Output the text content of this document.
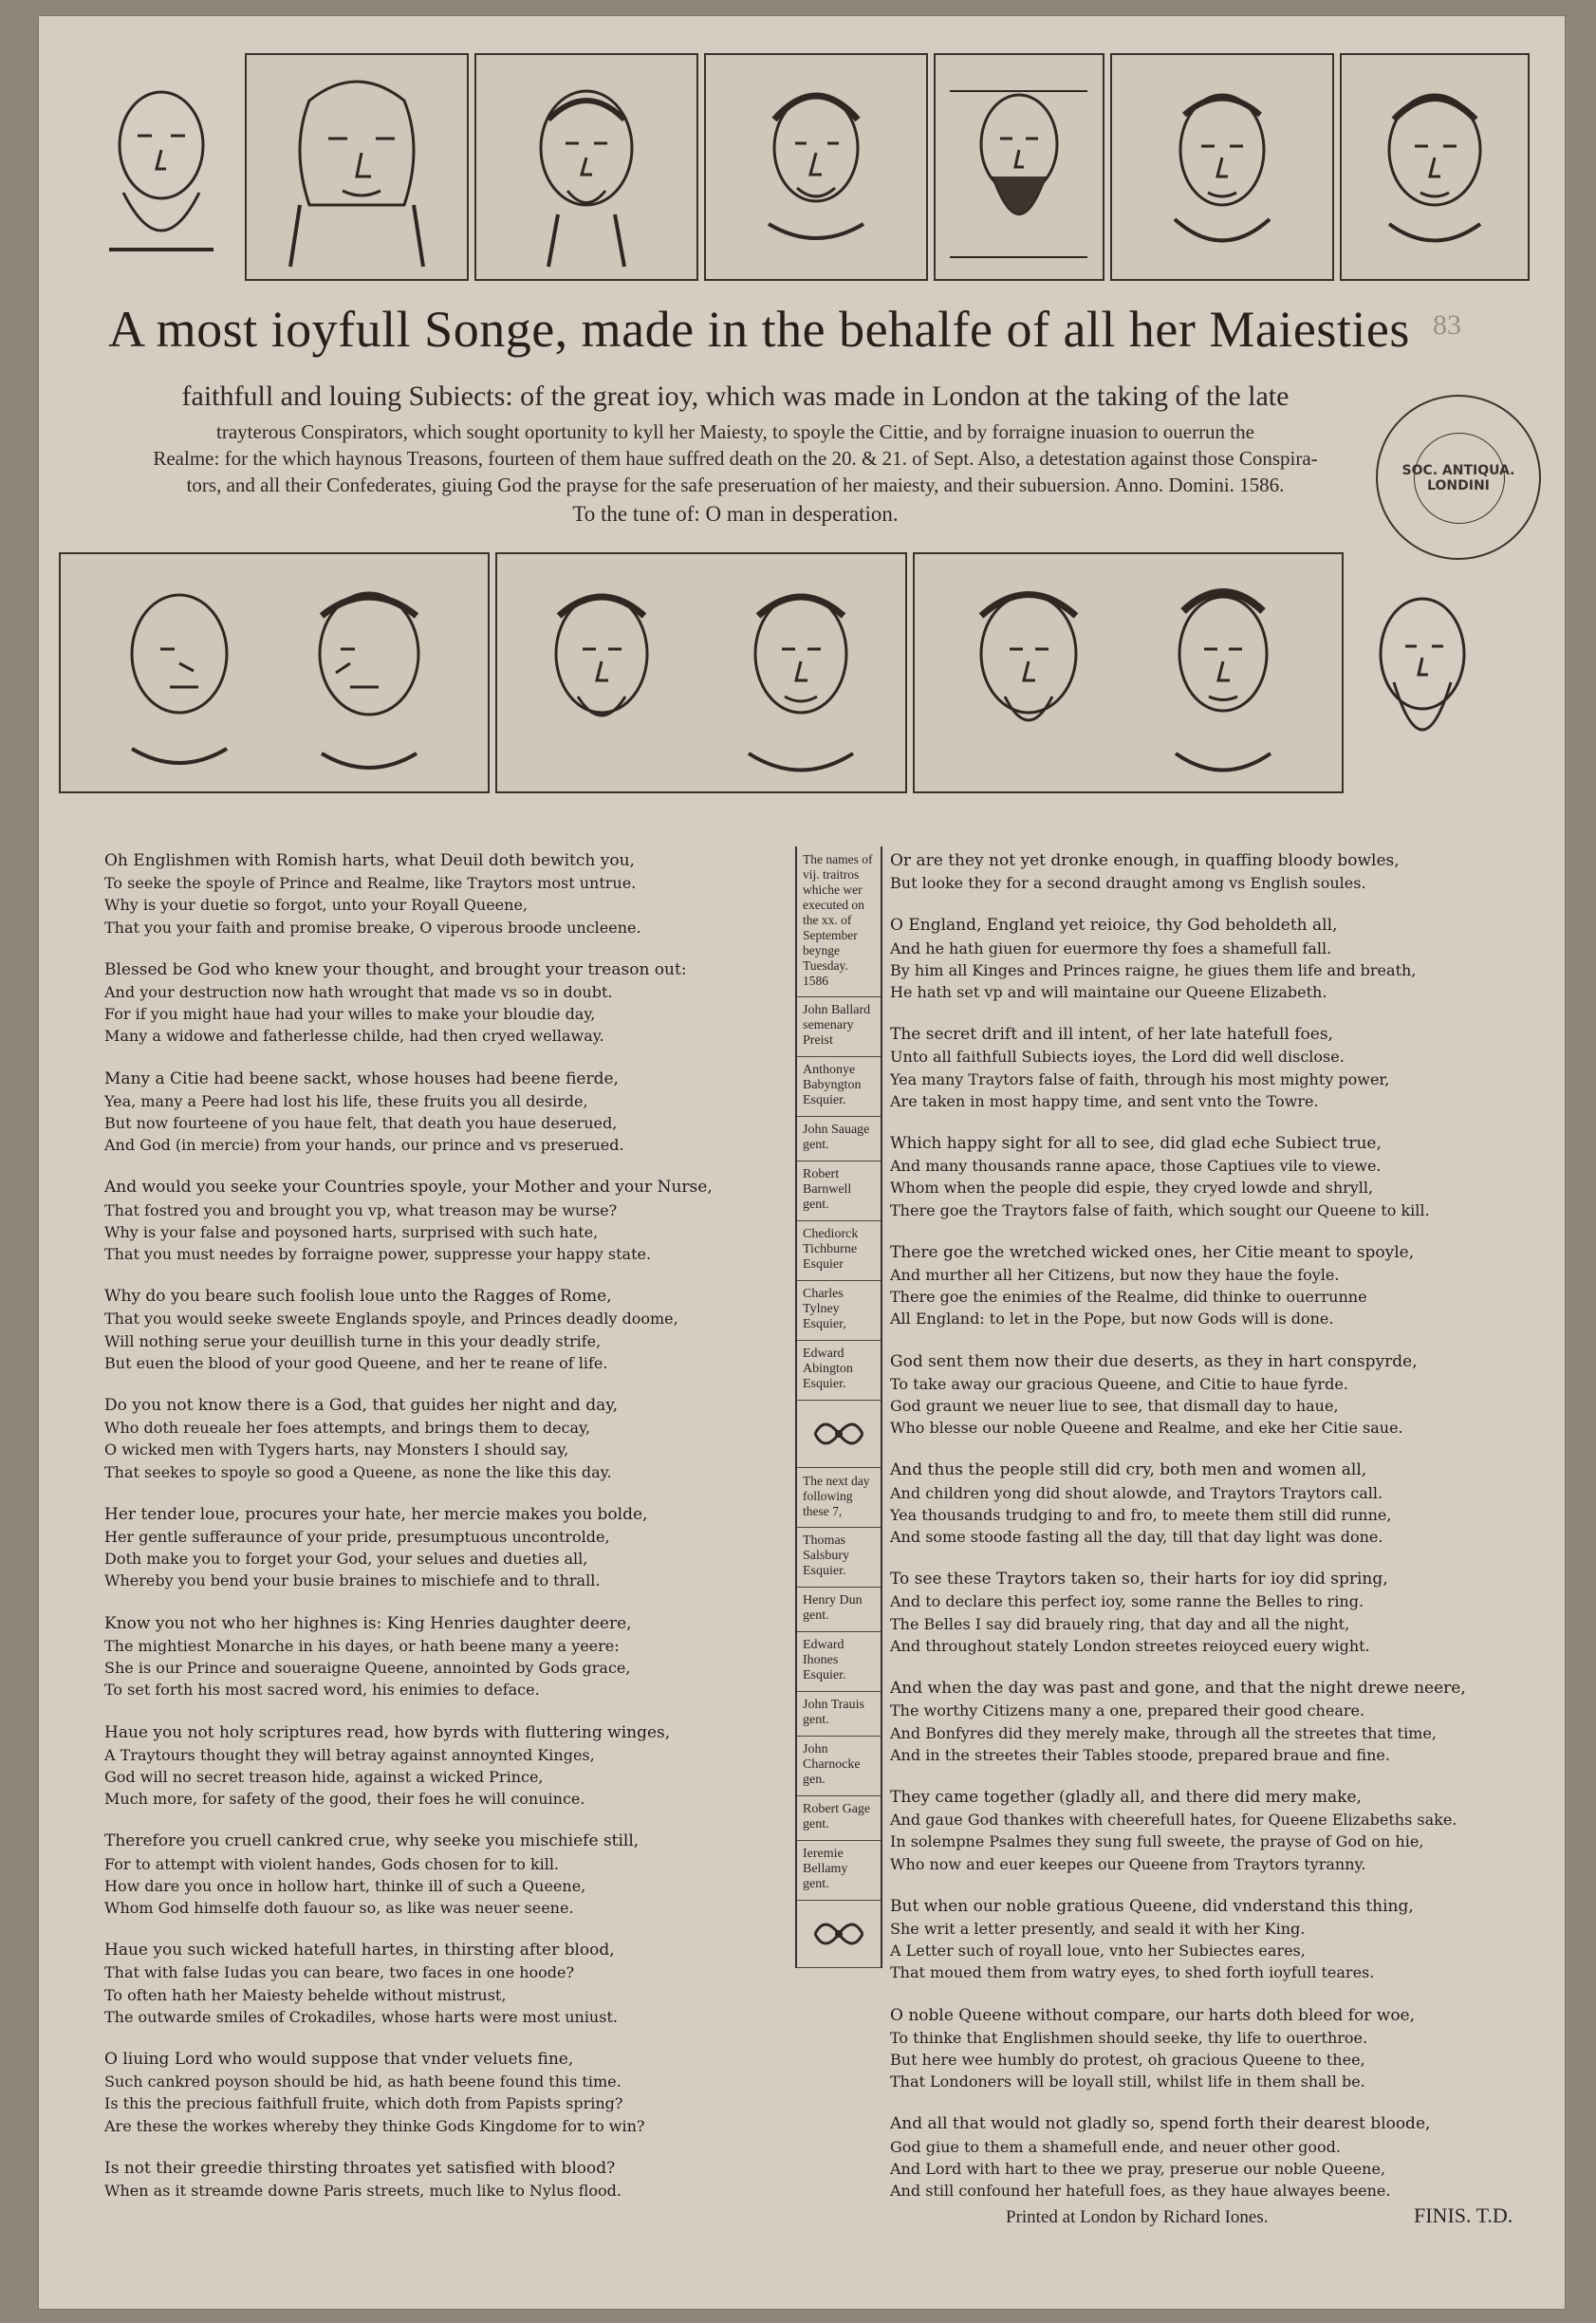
A most ioyfull Songe, made in the behalfe of all her Maiesties 83
faithfull and louing Subiects: of the great ioy, which was made in London at the taking of the late
trayterous Conspirators, which sought oportunity to kyll her Maiesty, to spoyle the Cittie, and by forraigne inuasion to ouerrun the
Realme: for the which haynous Treasons, fourteen of them haue suffred death on the 20. & 21. of Sept. Also, a detestation against those Conspira-
tors, and all their Confederates, giuing God the prayse for the safe preseruation of her maiesty, and their subuersion. Anno. Domini. 1586.
To the tune of: O man in desperation.
SOC. ANTIQUA. LONDINI
Oh Englishmen with Romish harts, what Deuil doth bewitch you,
To seeke the spoyle of Prince and Realme, like Traytors most untrue.
Why is your duetie so forgot, unto your Royall Queene,
That you your faith and promise breake, O viperous broode uncleene.
Blessed be God who knew your thought, and brought your treason out:
And your destruction now hath wrought that made vs so in doubt.
For if you might haue had your willes to make your bloudie day,
Many a widowe and fatherlesse childe, had then cryed wellaway.
Many a Citie had beene sackt, whose houses had beene fierde,
Yea, many a Peere had lost his life, these fruits you all desirde,
But now fourteene of you haue felt, that death you haue deserued,
And God (in mercie) from your hands, our prince and vs preserued.
And would you seeke your Countries spoyle, your Mother and your Nurse,
That fostred you and brought you vp, what treason may be wurse?
Why is your false and poysoned harts, surprised with such hate,
That you must needes by forraigne power, suppresse your happy state.
Why do you beare such foolish loue unto the Ragges of Rome,
That you would seeke sweete Englands spoyle, and Princes deadly doome,
Will nothing serue your deuillish turne in this your deadly strife,
But euen the blood of your good Queene, and her te reane of life.
Do you not know there is a God, that guides her night and day,
Who doth reueale her foes attempts, and brings them to decay,
O wicked men with Tygers harts, nay Monsters I should say,
That seekes to spoyle so good a Queene, as none the like this day.
Her tender loue, procures your hate, her mercie makes you bolde,
Her gentle sufferaunce of your pride, presumptuous uncontrolde,
Doth make you to forget your God, your selues and dueties all,
Whereby you bend your busie braines to mischiefe and to thrall.
Know you not who her highnes is: King Henries daughter deere,
The mightiest Monarche in his dayes, or hath beene many a yeere:
She is our Prince and soueraigne Queene, annointed by Gods grace,
To set forth his most sacred word, his enimies to deface.
Haue you not holy scriptures read, how byrds with fluttering winges,
A Traytours thought they will betray against annoynted Kinges,
God will no secret treason hide, against a wicked Prince,
Much more, for safety of the good, their foes he will conuince.
Therefore you cruell cankred crue, why seeke you mischiefe still,
For to attempt with violent handes, Gods chosen for to kill.
How dare you once in hollow hart, thinke ill of such a Queene,
Whom God himselfe doth fauour so, as like was neuer seene.
Haue you such wicked hatefull hartes, in thirsting after blood,
That with false Iudas you can beare, two faces in one hoode?
To often hath her Maiesty behelde without mistrust,
The outwarde smiles of Crokadiles, whose harts were most uniust.
O liuing Lord who would suppose that vnder veluets fine,
Such cankred poyson should be hid, as hath beene found this time.
Is this the precious faithfull fruite, which doth from Papists spring?
Are these the workes whereby they thinke Gods Kingdome for to win?
Is not their greedie thirsting throates yet satisfied with blood?
When as it streamde downe Paris streets, much like to Nylus flood.
The names of vij. traitros whiche wer executed on the xx. of September beynge Tuesday. 1586
John Ballard semenary Preist
Anthonye Babyngton Esquier.
John Sauage gent.
Robert Barnwell gent.
Chediorck Tichburne Esquier
Charles Tylney Esquier,
Edward Abington Esquier.
The next day following these 7,
Thomas Salsbury Esquier.
Henry Dun gent.
Edward Ihones Esquier.
John Trauis gent.
John Charnocke gen.
Robert Gage gent.
Ieremie Bellamy gent.
Or are they not yet dronke enough, in quaffing bloody bowles,
But looke they for a second draught among vs English soules.
O England, England yet reioice, thy God beholdeth all,
And he hath giuen for euermore thy foes a shamefull fall.
By him all Kinges and Princes raigne, he giues them life and breath,
He hath set vp and will maintaine our Queene Elizabeth.
The secret drift and ill intent, of her late hatefull foes,
Unto all faithfull Subiects ioyes, the Lord did well disclose.
Yea many Traytors false of faith, through his most mighty power,
Are taken in most happy time, and sent vnto the Towre.
Which happy sight for all to see, did glad eche Subiect true,
And many thousands ranne apace, those Captiues vile to viewe.
Whom when the people did espie, they cryed lowde and shryll,
There goe the Traytors false of faith, which sought our Queene to kill.
There goe the wretched wicked ones, her Citie meant to spoyle,
And murther all her Citizens, but now they haue the foyle.
There goe the enimies of the Realme, did thinke to ouerrunne
All England: to let in the Pope, but now Gods will is done.
God sent them now their due deserts, as they in hart conspyrde,
To take away our gracious Queene, and Citie to haue fyrde.
God graunt we neuer liue to see, that dismall day to haue,
Who blesse our noble Queene and Realme, and eke her Citie saue.
And thus the people still did cry, both men and women all,
And children yong did shout alowde, and Traytors Traytors call.
Yea thousands trudging to and fro, to meete them still did runne,
And some stoode fasting all the day, till that day light was done.
To see these Traytors taken so, their harts for ioy did spring,
And to declare this perfect ioy, some ranne the Belles to ring.
The Belles I say did brauely ring, that day and all the night,
And throughout stately London streetes reioyced euery wight.
And when the day was past and gone, and that the night drewe neere,
The worthy Citizens many a one, prepared their good cheare.
And Bonfyres did they merely make, through all the streetes that time,
And in the streetes their Tables stoode, prepared braue and fine.
They came together (gladly all, and there did mery make,
And gaue God thankes with cheerefull hates, for Queene Elizabeths sake.
In solempne Psalmes they sung full sweete, the prayse of God on hie,
Who now and euer keepes our Queene from Traytors tyranny.
But when our noble gratious Queene, did vnderstand this thing,
She writ a letter presently, and seald it with her King.
A Letter such of royall loue, vnto her Subiectes eares,
That moued them from watry eyes, to shed forth ioyfull teares.
O noble Queene without compare, our harts doth bleed for woe,
To thinke that Englishmen should seeke, thy life to ouerthroe.
But here wee humbly do protest, oh gracious Queene to thee,
That Londoners will be loyall still, whilst life in them shall be.
And all that would not gladly so, spend forth their dearest bloode,
God giue to them a shamefull ende, and neuer other good.
And Lord with hart to thee we pray, preserue our noble Queene,
And still confound her hatefull foes, as they haue alwayes beene.
Printed at London by Richard Iones.	FINIS. T.D.
